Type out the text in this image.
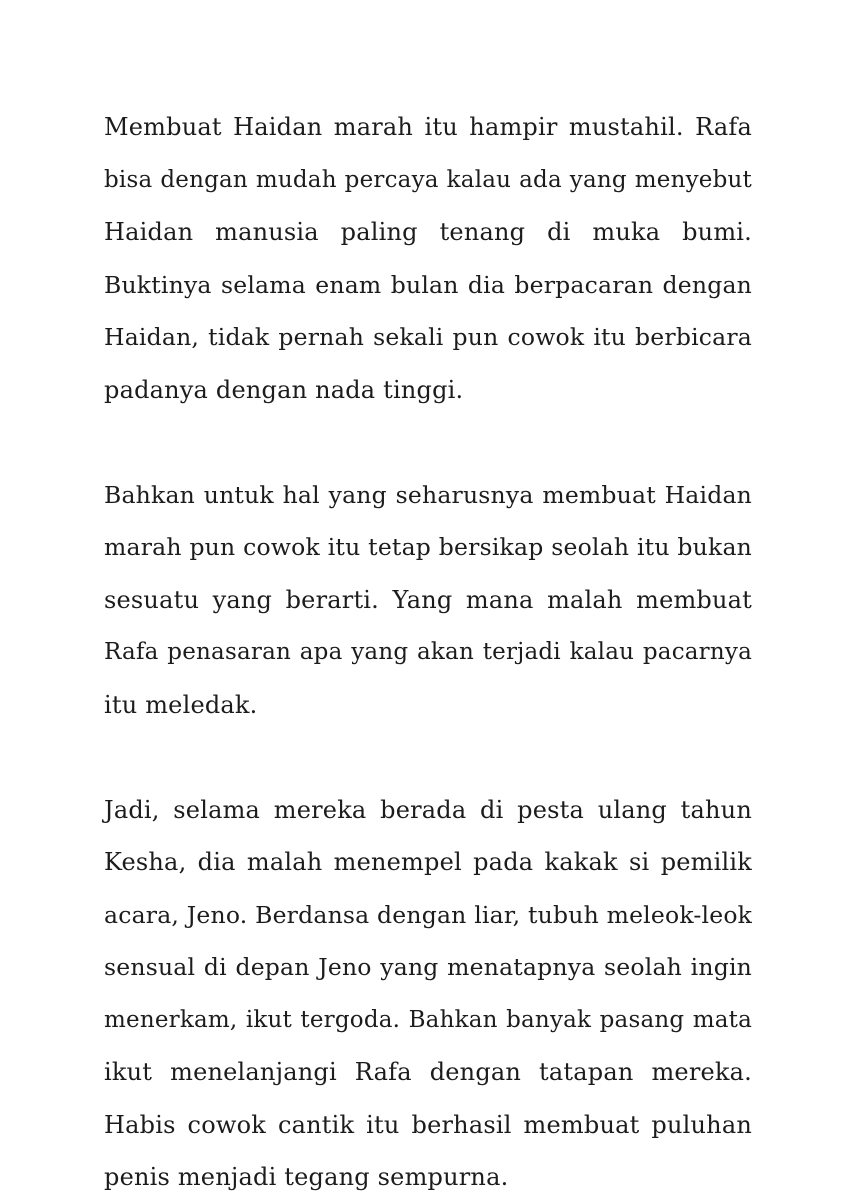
Membuat Haidan marah itu hampir mustahil. Rafa
bisa dengan mudah percaya kalau ada yang menyebut
Haidan manusia paling tenang di muka bumi.
Buktinya selama enam bulan dia berpacaran dengan
Haidan, tidak pernah sekali pun cowok itu berbicara
padanya dengan nada tinggi.
Bahkan untuk hal yang seharusnya membuat Haidan
marah pun cowok itu tetap bersikap seolah itu bukan
sesuatu yang berarti. Yang mana malah membuat
Rafa penasaran apa yang akan terjadi kalau pacarnya
itu meledak.
Jadi, selama mereka berada di pesta ulang tahun
Kesha, dia malah menempel pada kakak si pemilik
acara, Jeno. Berdansa dengan liar, tubuh meleok-leok
sensual di depan Jeno yang menatapnya seolah ingin
menerkam, ikut tergoda. Bahkan banyak pasang mata
ikut menelanjangi Rafa dengan tatapan mereka.
Habis cowok cantik itu berhasil membuat puluhan
penis menjadi tegang sempurna.
